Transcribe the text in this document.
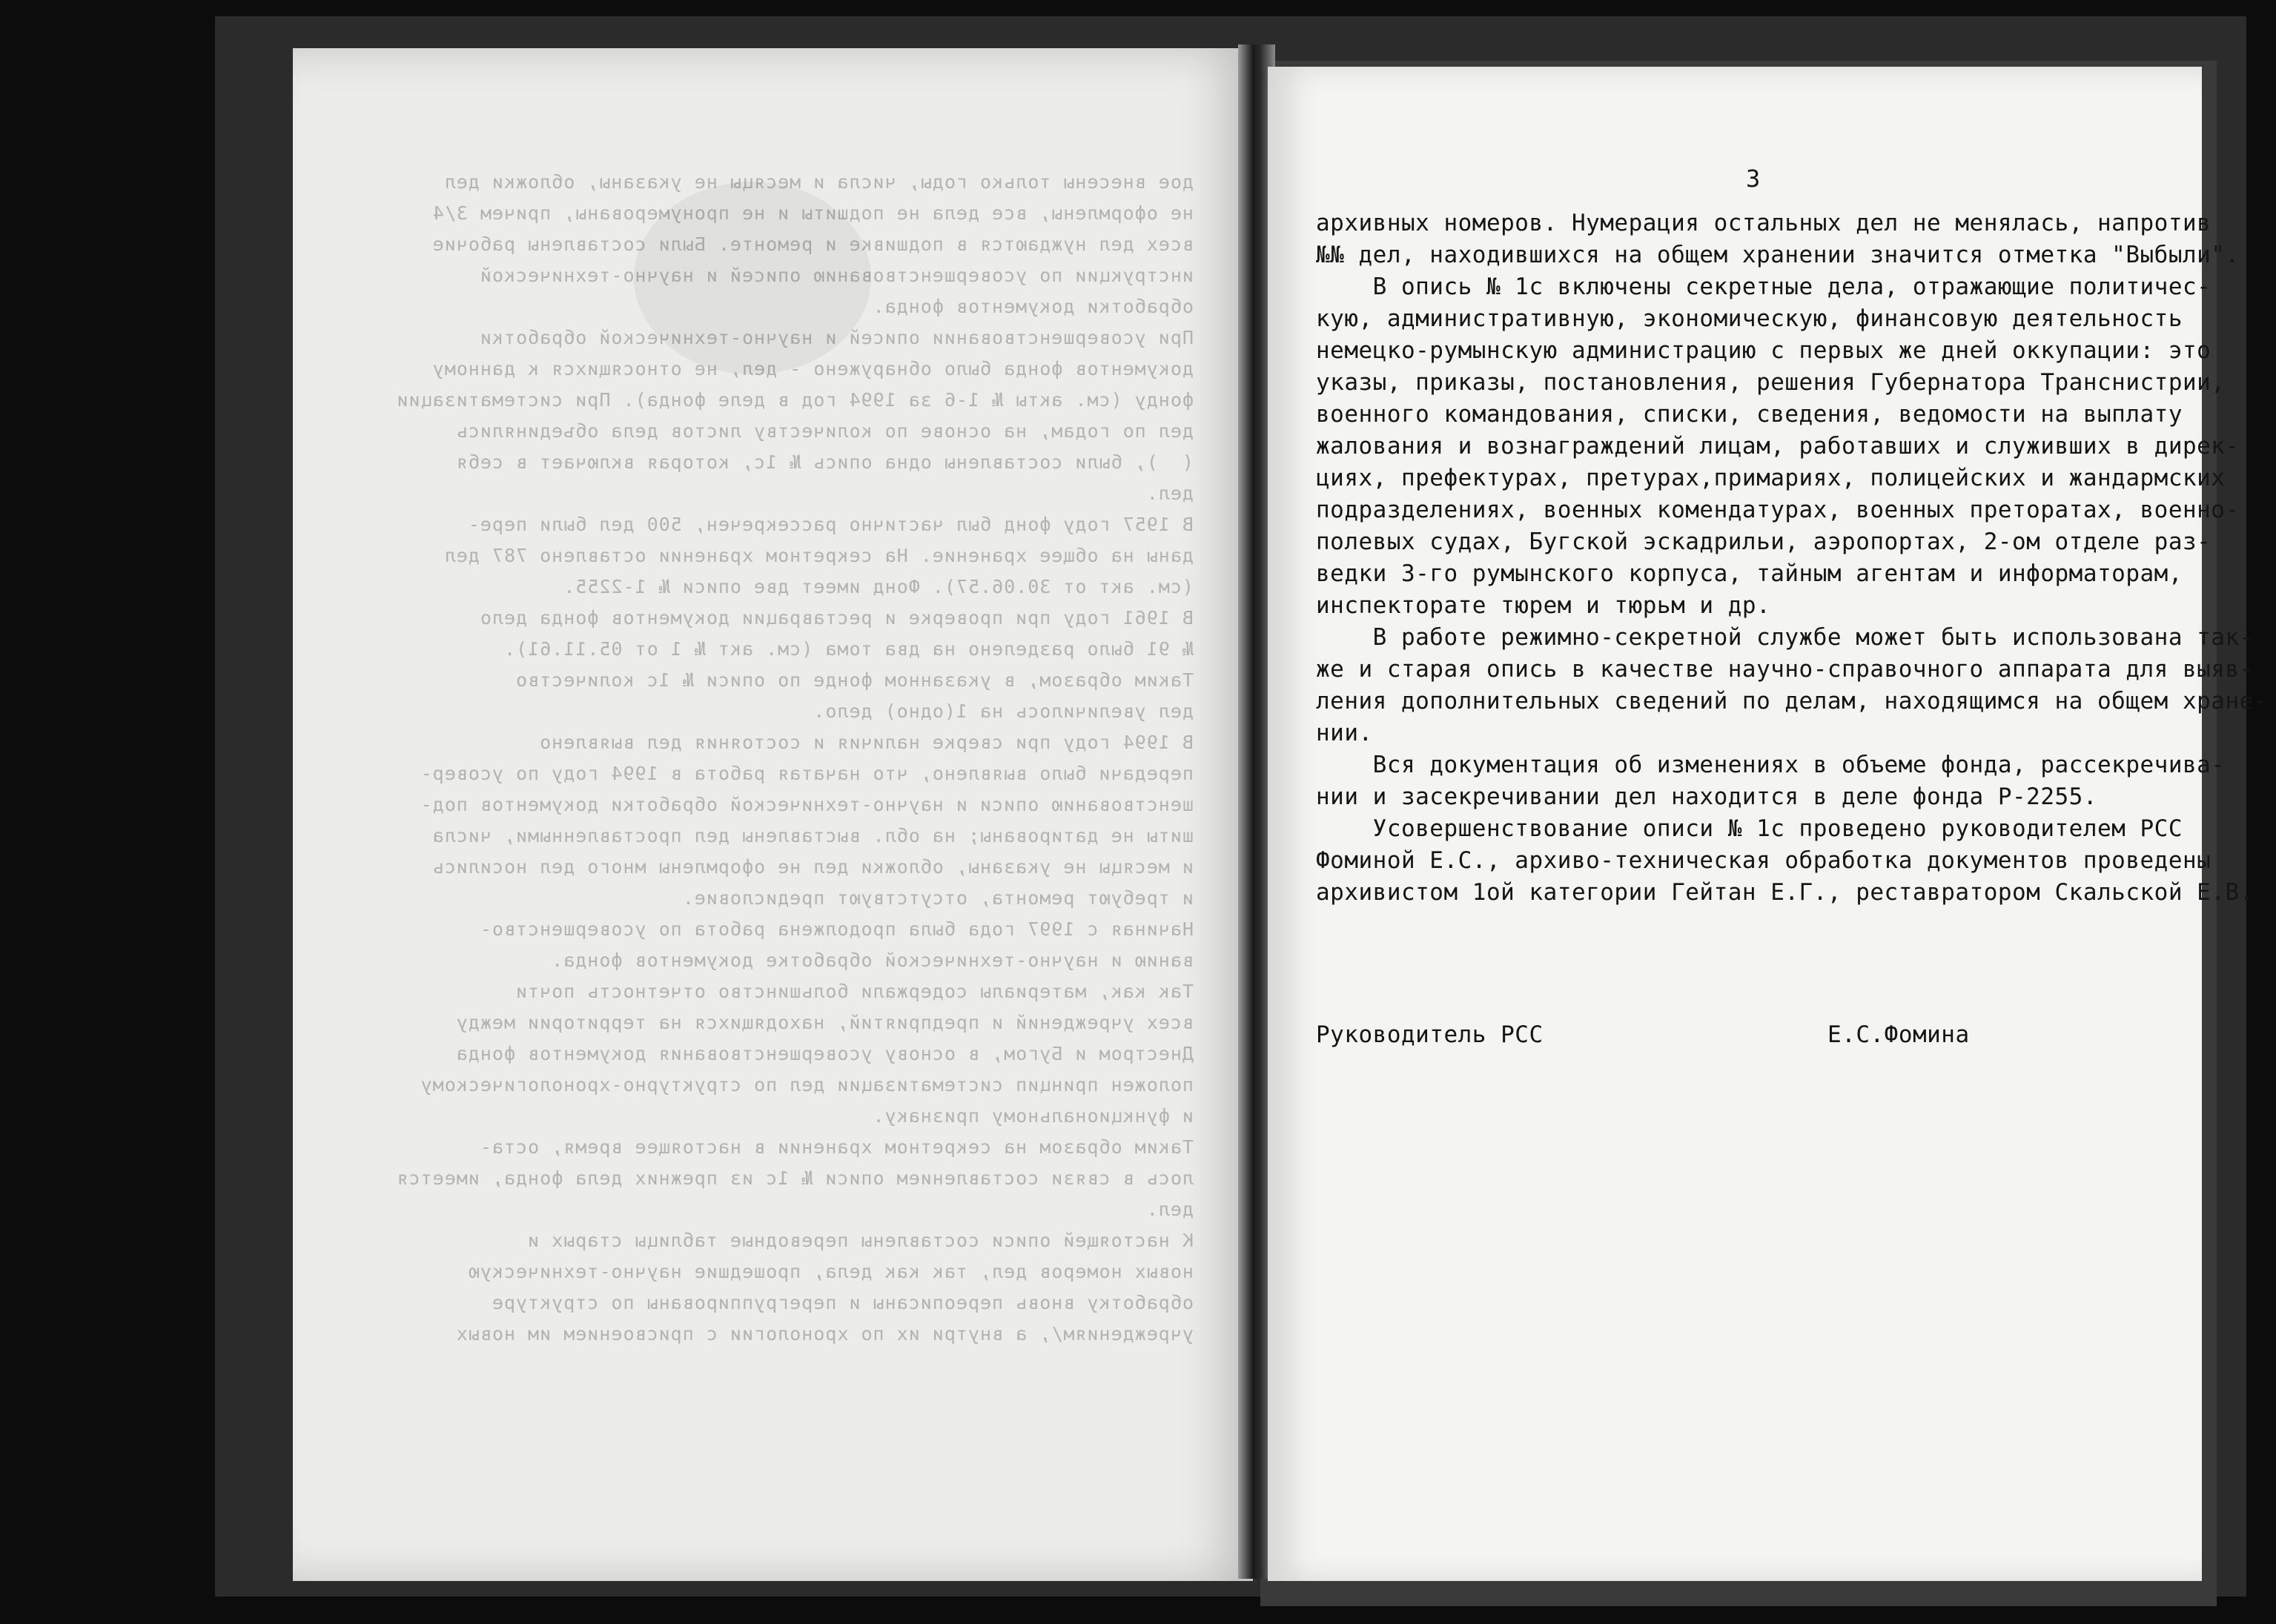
дое внесены только годы, числа и месяцы не указаны, обложки дел

не оформлены, все дела не подшиты и не пронумерованы, причем 3/4

всех дел нуждаются в подшивке и ремонте. Были составлены рабочие

инструкции по усовершенствованию описей и научно-технической

обработки документов фонда.

При усовершенствовании описей и научно-технической обработки

документов фонда было обнаружено - дел, не относящихся к данному

фонду (см. акты № 1-6 за 1994 год в деле фонда). При систематизации

дел по годам, на основе по количеству листов дела объединялись

(  ), были составлены одна опись № 1с, которая включает в себя

дел.

В 1957 году фонд был частично рассекречен, 500 дел были пере-

даны на общее хранение. На секретном хранении оставлено 787 дел

(см. акт от 30.06.57). Фонд имеет две описи № 1-2255.

В 1961 году при проверке и реставрации документов фонда дело

№ 91 было разделено на два тома (см. акт № 1 от 05.11.61).

Таким образом, в указанном фонде по описи № 1с количество

дел увеличилось на 1(одно) дело.

В 1994 году при сверке наличия и состояния дел выявлено

передачи было выявлено, что начатая работа в 1994 году по усовер-

шенствованию описи и научно-технической обработки документов под-

шиты не датированы; на обл. выставлены дел проставленными, числа

и месяцы не указаны, обложки дел не оформлены много дел носились

и требуют ремонта, отсутствуют предисловие.

Начиная с 1997 года была продолжена работа по усовершенство-

ванию и научно-технической обработке документов фонда.

Так как, материалы содержали большинство отчетность почти

всех учреждений и предприятий, находящихся на территории между

Днестром и Бугом, в основу усовершенствования документов фонда

положен принцип систематизации дел по структурно-хронологическому

и функциональному признаку.

Таким образом на секретном хранении в настоящее время, оста-

лось в связи составлением описи № 1с из прежних дела фонда, имеется

дел.

К настоящей описи составлены переводные таблицы старых и

новых номеров дел, так как дела, прошедшие научно-техническую

обработку вновь переописаны и перегруппированы по структуре

учреждениям/, а внутри их по хронологии с присвоением им новых

3
архивных номеров. Нумерация остальных дел не менялась, напротив
№№ дел, находившихся на общем хранении значится отметка "Выбыли".
В опись № 1с включены секретные дела, отражающие политичес-
кую, административную, экономическую, финансовую деятельность
немецко-румынскую администрацию с первых же дней оккупации: это
указы, приказы, постановления, решения Губернатора Транснистрии,
военного командования, списки, сведения, ведомости на выплату
жалования и вознаграждений лицам, работавших и служивших в дирек-
циях, префектурах, претурах,примариях, полицейских и жандармских
подразделениях, военных комендатурах, военных преторатах, военно-
полевых судах, Бугской эскадрильи, аэропортах, 2-ом отделе раз-
ведки 3-го румынского корпуса, тайным агентам и информаторам,
инспекторате тюрем и тюрьм и др.
В работе режимно-секретной службе может быть использована так-
же и старая опись в качестве научно-справочного аппарата для выяв-
ления дополнительных сведений по делам, находящимся на общем хране-
нии.
Вся документация об изменениях в объеме фонда, рассекречива-
нии и засекречивании дел находится в деле фонда Р-2255.
Усовершенствование описи № 1с проведено руководителем РСС
Фоминой Е.С., архиво-техническая обработка документов проведены
архивистом 1ой категории Гейтан Е.Г., реставратором Скальской Е.В.
Руководитель РСС	Е.С.Фомина
